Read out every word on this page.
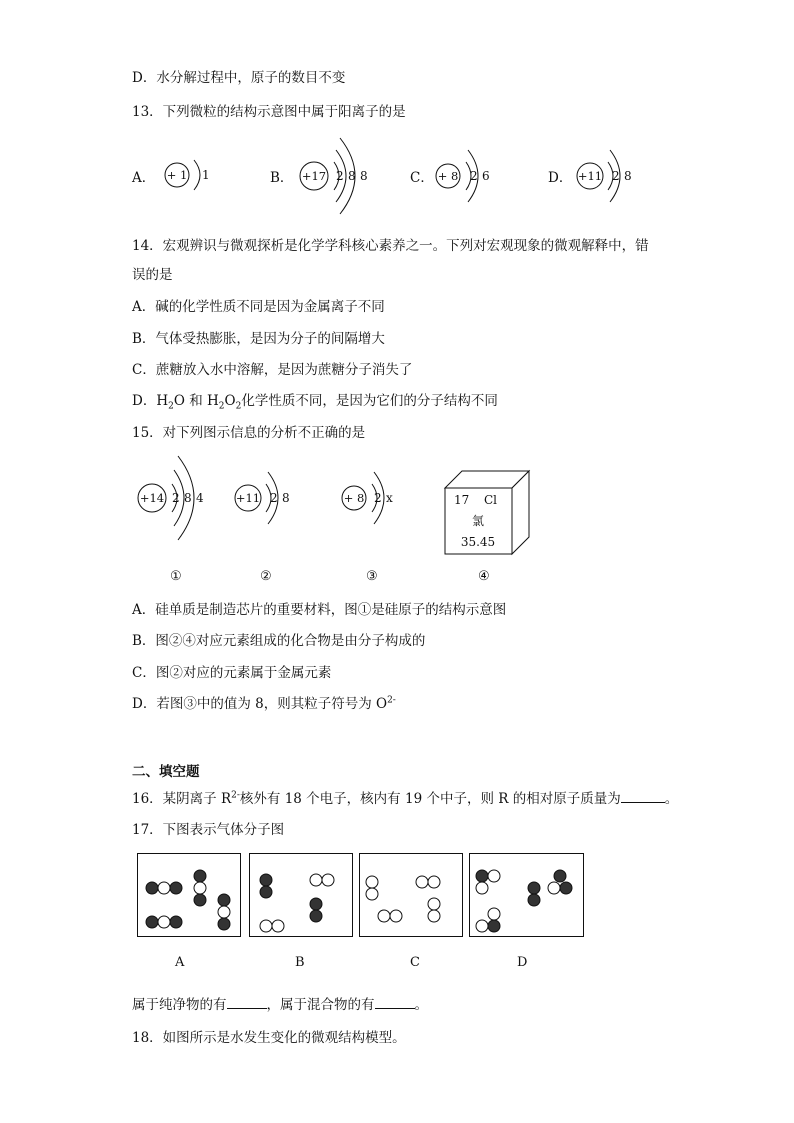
D．水分解过程中，原子的数目不变
13．下列微粒的结构示意图中属于阳离子的是
A． + 1 1	B． +17 2 8 8	C． + 8 2 6	D． +11 2 8
14．宏观辨识与微观探析是化学学科核心素养之一。下列对宏观现象的微观解释中，错
误的是
A．碱的化学性质不同是因为金属离子不同
B．气体受热膨胀，是因为分子的间隔增大
C．蔗糖放入水中溶解，是因为蔗糖分子消失了
D．$H_2O$ 和 $H_2O_2$化学性质不同，是因为它们的分子结构不同
15．对下列图示信息的分析不正确的是
+14 2 8 4
①
+11 2 8
②
+ 8 2 x
③
17 Cl
氯
35.45
④
A．硅单质是制造芯片的重要材料，图①是硅原子的结构示意图
B．图②④对应元素组成的化合物是由分子构成的
C．图②对应的元素属于金属元素
D．若图③中的值为 8，则其粒子符号为 $O^{2-}$
二、填空题
16．某阴离子 $R^{2-}$核外有 18 个电子，核内有 19 个中子，则 R 的相对原子质量为	。
17．下图表示气体分子图
A	B	C	D
属于纯净物的有	，属于混合物的有	。
18．如图所示是水发生变化的微观结构模型。
